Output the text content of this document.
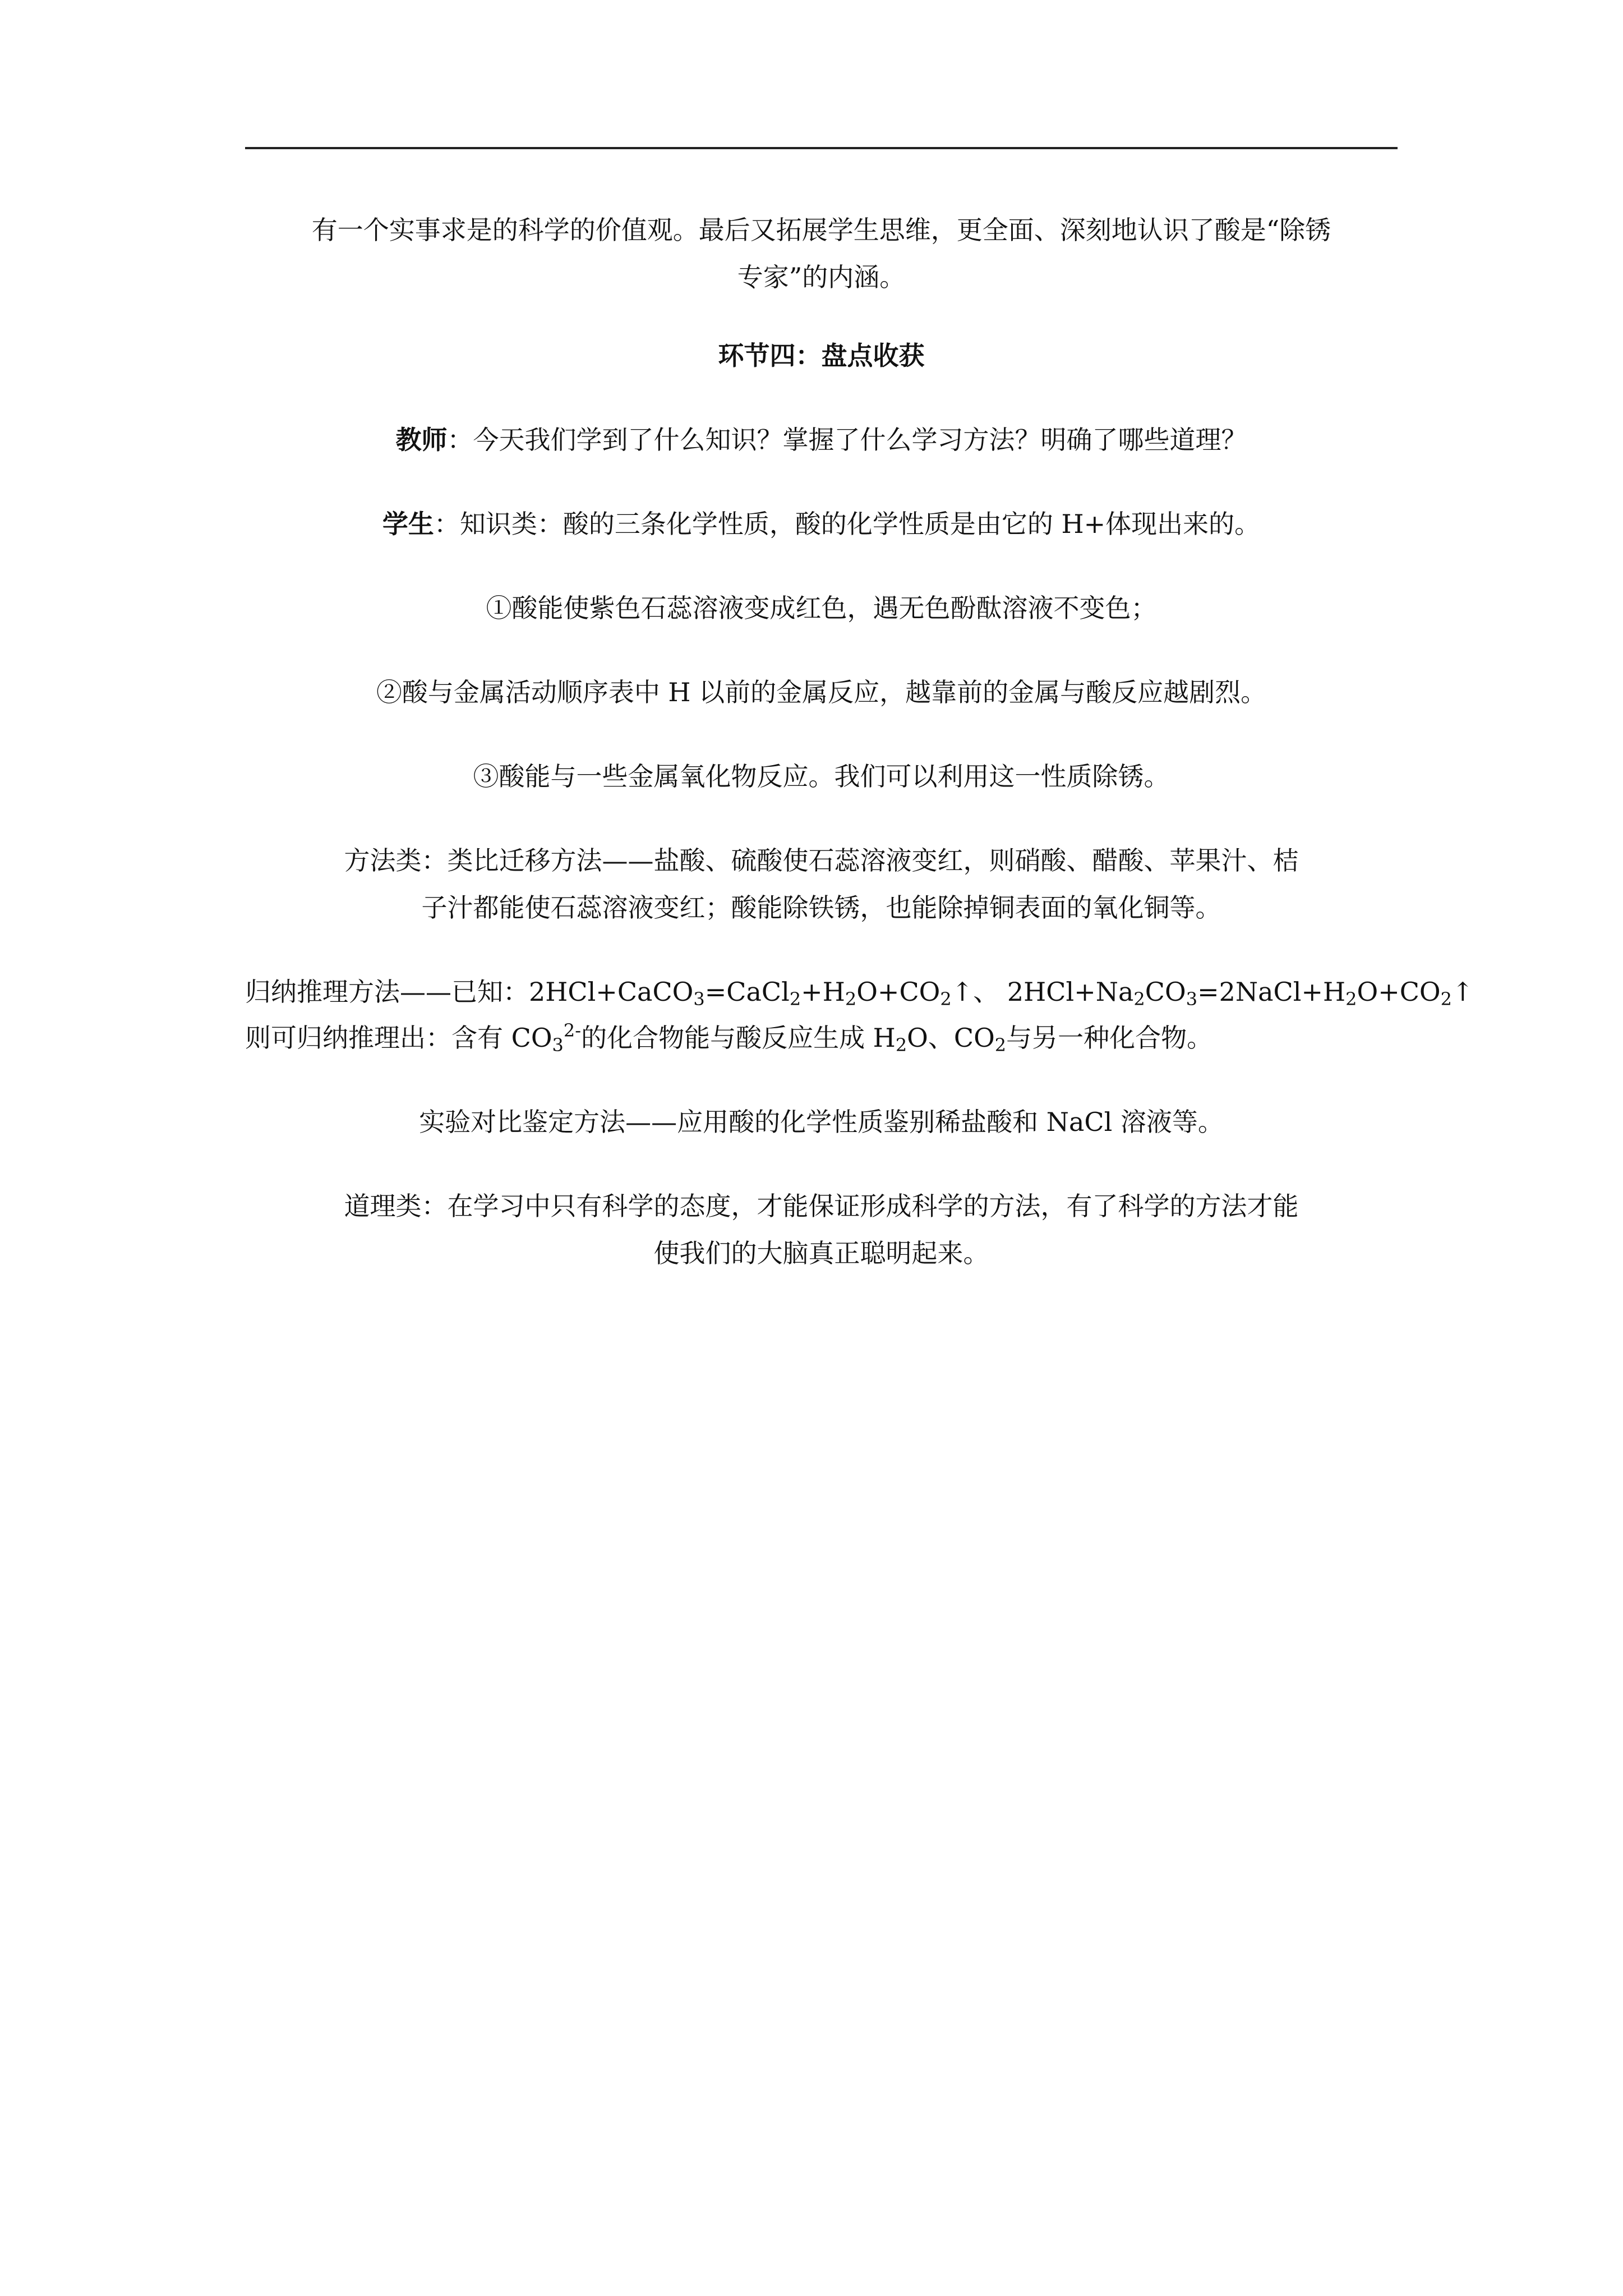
有一个实事求是的科学的价值观。最后又拓展学生思维，更全面、深刻地认识了酸是“除锈

专家”的内涵。

环节四：盘点收获

教师：今天我们学到了什么知识？掌握了什么学习方法？明确了哪些道理？

学生：知识类：酸的三条化学性质，酸的化学性质是由它的 H+体现出来的。

①酸能使紫色石蕊溶液变成红色，遇无色酚酞溶液不变色；

②酸与金属活动顺序表中 H 以前的金属反应，越靠前的金属与酸反应越剧烈。

③酸能与一些金属氧化物反应。我们可以利用这一性质除锈。

方法类：类比迁移方法——盐酸、硫酸使石蕊溶液变红，则硝酸、醋酸、苹果汁、桔

子汁都能使石蕊溶液变红；酸能除铁锈，也能除掉铜表面的氧化铜等。

归纳推理方法——已知：$2HCl+CaCO_3=CaCl_2+H_2O+CO_2↑$、 $2HCl+Na_2CO_3=2NaCl+H_2O+CO_2↑$

则可归纳推理出：含有 $CO_3^{2-}$的化合物能与酸反应生成 $H_2O$、$CO_2$与另一种化合物。

实验对比鉴定方法——应用酸的化学性质鉴别稀盐酸和 NaCl 溶液等。

道理类：在学习中只有科学的态度，才能保证形成科学的方法，有了科学的方法才能

使我们的大脑真正聪明起来。
